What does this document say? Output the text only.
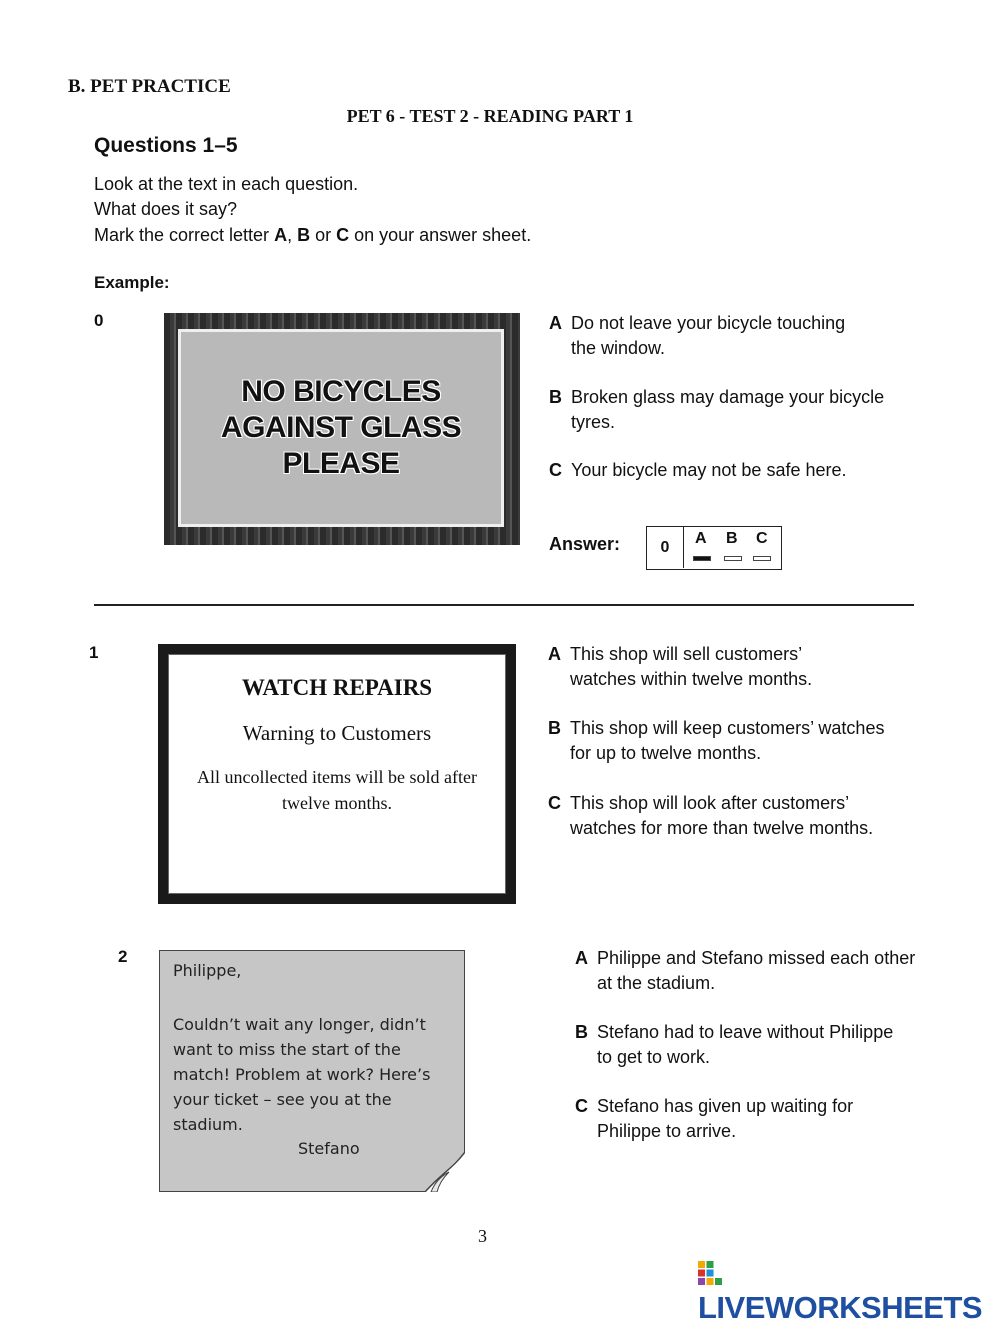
B. PET PRACTICE
PET 6 - TEST 2 - READING PART 1
Questions 1–5
Look at the text in each question.
What does it say?
Mark the correct letter A, B or C on your answer sheet.
Example:
0
NO BICYCLES
AGAINST GLASS
PLEASE
A Do not leave your bicycle touching
the window.
B Broken glass may damage your bicycle
tyres.
C Your bicycle may not be safe here.
Answer:	0	A B C
1
WATCH REPAIRS
Warning to Customers
All uncollected items will be sold after
twelve months.
A This shop will sell customers’
watches within twelve months.
B This shop will keep customers’ watches
for up to twelve months.
C This shop will look after customers’
watches for more than twelve months.
2
Philippe,
Couldn’t wait any longer, didn’t
want to miss the start of the
match! Problem at work? Here’s
your ticket – see you at the
stadium.
Stefano
A Philippe and Stefano missed each other
at the stadium.
B Stefano had to leave without Philippe
to get to work.
C Stefano has given up waiting for
Philippe to arrive.
3
LIVEWORKSHEETS
